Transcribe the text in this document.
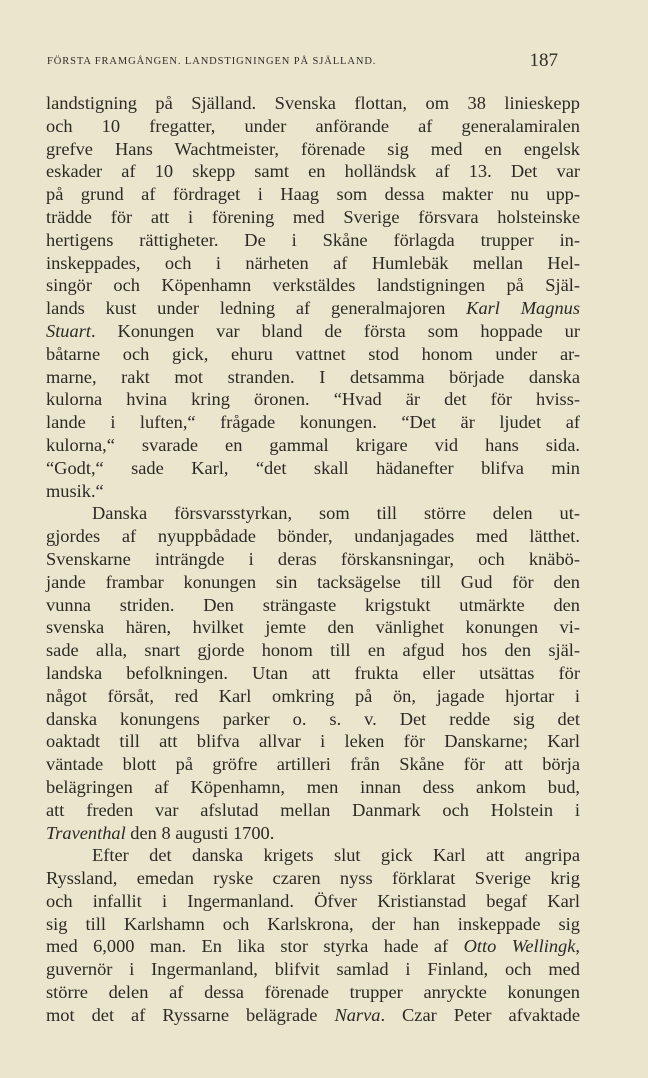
FÖRSTA FRAMGÅNGEN. LANDSTIGNINGEN PÅ SJÄLLAND.	187
landstigning på Själland. Svenska flottan, om 38 linieskepp
och 10 fregatter, under anförande af generalamiralen
grefve Hans Wachtmeister, förenade sig med en engelsk
eskader af 10 skepp samt en holländsk af 13. Det var
på grund af fördraget i Haag som dessa makter nu upp-
trädde för att i förening med Sverige försvara holsteinske
hertigens rättigheter. De i Skåne förlagda trupper in-
inskeppades, och i närheten af Humlebäk mellan Hel-
singör och Köpenhamn verkstäldes landstigningen på Själ-
lands kust under ledning af generalmajoren Karl Magnus
Stuart. Konungen var bland de första som hoppade ur
båtarne och gick, ehuru vattnet stod honom under ar-
marne, rakt mot stranden. I detsamma började danska
kulorna hvina kring öronen. “Hvad är det för hviss-
lande i luften,“ frågade konungen. “Det är ljudet af
kulorna,“ svarade en gammal krigare vid hans sida.
“Godt,“ sade Karl, “det skall hädanefter blifva min
musik.“
Danska försvarsstyrkan, som till större delen ut-
gjordes af nyuppbådade bönder, undanjagades med lätthet.
Svenskarne inträngde i deras förskansningar, och knäbö-
jande frambar konungen sin tacksägelse till Gud för den
vunna striden. Den strängaste krigstukt utmärkte den
svenska hären, hvilket jemte den vänlighet konungen vi-
sade alla, snart gjorde honom till en afgud hos den själ-
landska befolkningen. Utan att frukta eller utsättas för
något försåt, red Karl omkring på ön, jagade hjortar i
danska konungens parker o. s. v. Det redde sig det
oaktadt till att blifva allvar i leken för Danskarne; Karl
väntade blott på gröfre artilleri från Skåne för att börja
belägringen af Köpenhamn, men innan dess ankom bud,
att freden var afslutad mellan Danmark och Holstein i
Traventhal den 8 augusti 1700.
Efter det danska krigets slut gick Karl att angripa
Ryssland, emedan ryske czaren nyss förklarat Sverige krig
och infallit i Ingermanland. Öfver Kristianstad begaf Karl
sig till Karlshamn och Karlskrona, der han inskeppade sig
med 6,000 man. En lika stor styrka hade af Otto Wellingk,
guvernör i Ingermanland, blifvit samlad i Finland, och med
större delen af dessa förenade trupper anryckte konungen
mot det af Ryssarne belägrade Narva. Czar Peter afvaktade
